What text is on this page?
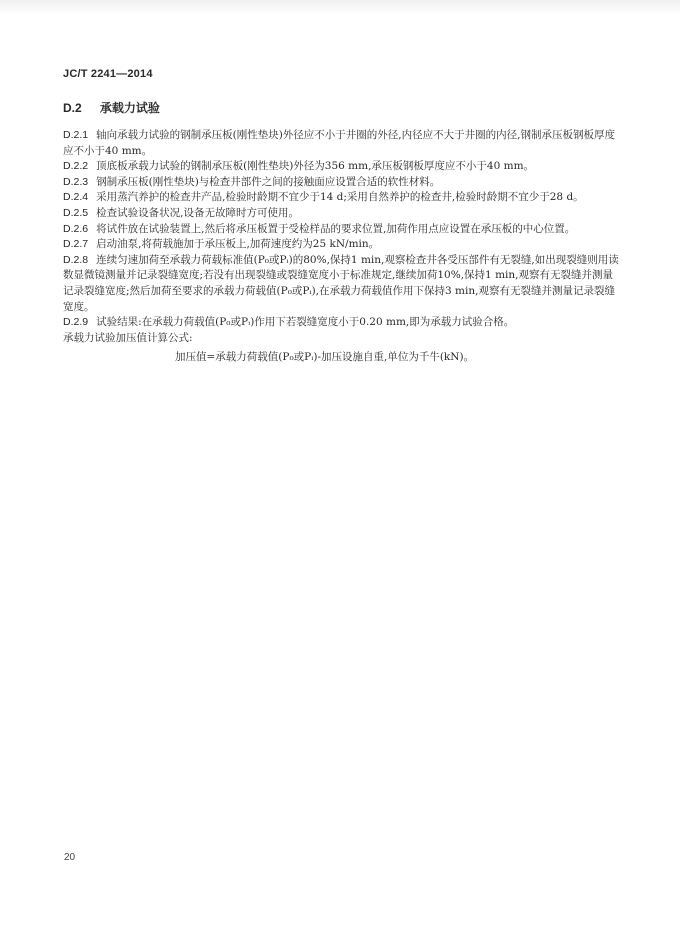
JC/T 2241—2014
D.2 承载力试验

D.2.1 轴向承载力试验的钢制承压板(刚性垫块)外径应不小于井圈的外径,内径应不大于井圈的内径,钢制承压板钢板厚度应不小于40 mm。

D.2.2 顶底板承载力试验的钢制承压板(刚性垫块)外径为356 mm,承压板钢板厚度应不小于40 mm。

D.2.3 钢制承压板(刚性垫块)与检查井部件之间的接触面应设置合适的软性材料。

D.2.4 采用蒸汽养护的检查井产品,检验时龄期不宜少于14 d;采用自然养护的检查井,检验时龄期不宜少于28 d。

D.2.5 检查试验设备状况,设备无故障时方可使用。

D.2.6 将试件放在试验装置上,然后将承压板置于受检样品的要求位置,加荷作用点应设置在承压板的中心位置。

D.2.7 启动油泵,将荷载施加于承压板上,加荷速度约为25 kN/min。

D.2.8 连续匀速加荷至承载力荷载标准值(P₀或Pᵢ)的80%,保持1 min,观察检查井各受压部件有无裂缝,如出现裂缝则用读数显微镜测量并记录裂缝宽度;若没有出现裂缝或裂缝宽度小于标准规定,继续加荷10%,保持1 min,观察有无裂缝并测量记录裂缝宽度;然后加荷至要求的承载力荷载值(P₀或Pᵢ),在承载力荷载值作用下保持3 min,观察有无裂缝并测量记录裂缝宽度。

D.2.9 试验结果:在承载力荷载值(P₀或Pᵢ)作用下若裂缝宽度小于0.20 mm,即为承载力试验合格。

承载力试验加压值计算公式:

加压值=承载力荷载值(P₀或Pᵢ)-加压设施自重,单位为千牛(kN)。

20
